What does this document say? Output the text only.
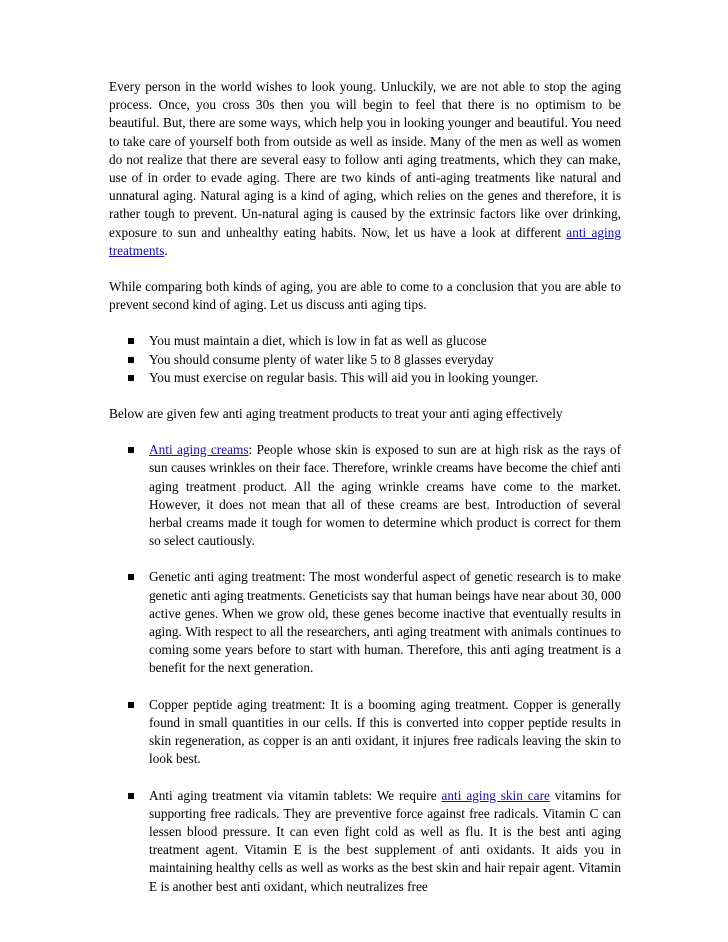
Every person in the world wishes to look young. Unluckily, we are not able to stop the aging process. Once, you cross 30s then you will begin to feel that there is no optimism to be beautiful. But, there are some ways, which help you in looking younger and beautiful. You need to take care of yourself both from outside as well as inside. Many of the men as well as women do not realize that there are several easy to follow anti aging treatments, which they can make, use of in order to evade aging. There are two kinds of anti-aging treatments like natural and unnatural aging. Natural aging is a kind of aging, which relies on the genes and therefore, it is rather tough to prevent. Un-natural aging is caused by the extrinsic factors like over drinking, exposure to sun and unhealthy eating habits. Now, let us have a look at different anti aging treatments.

While comparing both kinds of aging, you are able to come to a conclusion that you are able to prevent second kind of aging. Let us discuss anti aging tips.

You must maintain a diet, which is low in fat as well as glucose
You should consume plenty of water like 5 to 8 glasses everyday
You must exercise on regular basis. This will aid you in looking younger.

Below are given few anti aging treatment products to treat your anti aging effectively

Anti aging creams: People whose skin is exposed to sun are at high risk as the rays of sun causes wrinkles on their face. Therefore, wrinkle creams have become the chief anti aging treatment product. All the aging wrinkle creams have come to the market. However, it does not mean that all of these creams are best. Introduction of several herbal creams made it tough for women to determine which product is correct for them so select cautiously.
Genetic anti aging treatment: The most wonderful aspect of genetic research is to make genetic anti aging treatments. Geneticists say that human beings have near about 30, 000 active genes. When we grow old, these genes become inactive that eventually results in aging. With respect to all the researchers, anti aging treatment with animals continues to coming some years before to start with human. Therefore, this anti aging treatment is a benefit for the next generation.
Copper peptide aging treatment: It is a booming aging treatment. Copper is generally found in small quantities in our cells. If this is converted into copper peptide results in skin regeneration, as copper is an anti oxidant, it injures free radicals leaving the skin to look best.
Anti aging treatment via vitamin tablets: We require anti aging skin care vitamins for supporting free radicals. They are preventive force against free radicals. Vitamin C can lessen blood pressure. It can even fight cold as well as flu. It is the best anti aging treatment agent. Vitamin E is the best supplement of anti oxidants. It aids you in maintaining healthy cells as well as works as the best skin and hair repair agent. Vitamin E is another best anti oxidant, which neutralizes free
